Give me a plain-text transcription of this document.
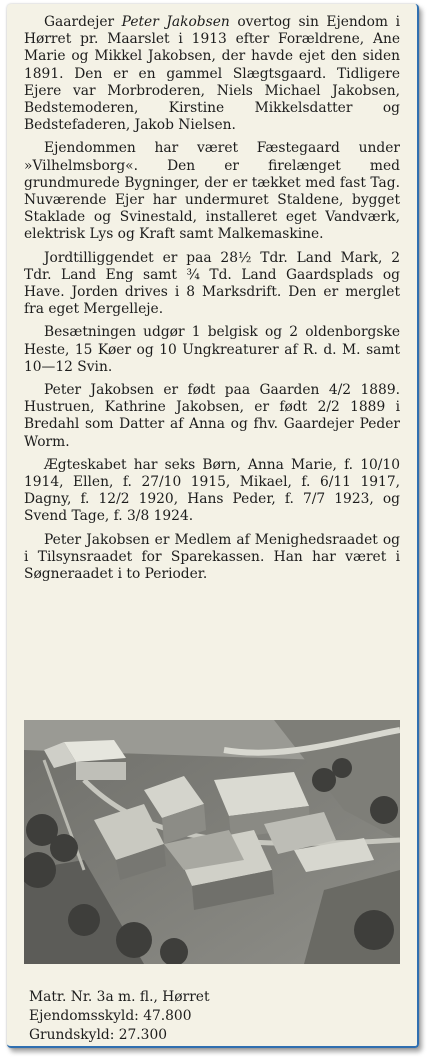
Gaardejer Peter Jakobsen overtog sin Ejendom i Hørret pr. Maarslet i 1913 efter Forældrene, Ane Marie og Mikkel Jakobsen, der havde ejet den siden 1891. Den er en gammel Slægtsgaard. Tidligere Ejere var Morbroderen, Niels Michael Jakobsen, Bedstemoderen, Kirstine Mikkelsdatter og Bedstefaderen, Jakob Nielsen.

Ejendommen har været Fæstegaard under »Vilhelmsborg«. Den er firelænget med grundmurede Bygninger, der er tækket med fast Tag. Nuværende Ejer har undermuret Staldene, bygget Staklade og Svinestald, installeret eget Vandværk, elektrisk Lys og Kraft samt Malkemaskine.

Jordtilliggendet er paa 28½ Tdr. Land Mark, 2 Tdr. Land Eng samt ¾ Td. Land Gaardsplads og Have. Jorden drives i 8 Marksdrift. Den er merglet fra eget Mergelleje.

Besætningen udgør 1 belgisk og 2 oldenborgske Heste, 15 Køer og 10 Ungkreaturer af R. d. M. samt 10—12 Svin.

Peter Jakobsen er født paa Gaarden 4/2 1889. Hustruen, Kathrine Jakobsen, er født 2/2 1889 i Bredahl som Datter af Anna og fhv. Gaardejer Peder Worm.

Ægteskabet har seks Børn, Anna Marie, f. 10/10 1914, Ellen, f. 27/10 1915, Mikael, f. 6/11 1917, Dagny, f. 12/2 1920, Hans Peder, f. 7/7 1923, og Svend Tage, f. 3/8 1924.

Peter Jakobsen er Medlem af Menighedsraadet og i Tilsynsraadet for Sparekassen. Han har været i Søgneraadet i to Perioder.

Matr. Nr. 3a m. fl., Hørret
Ejendomsskyld: 47.800
Grundskyld: 27.300
